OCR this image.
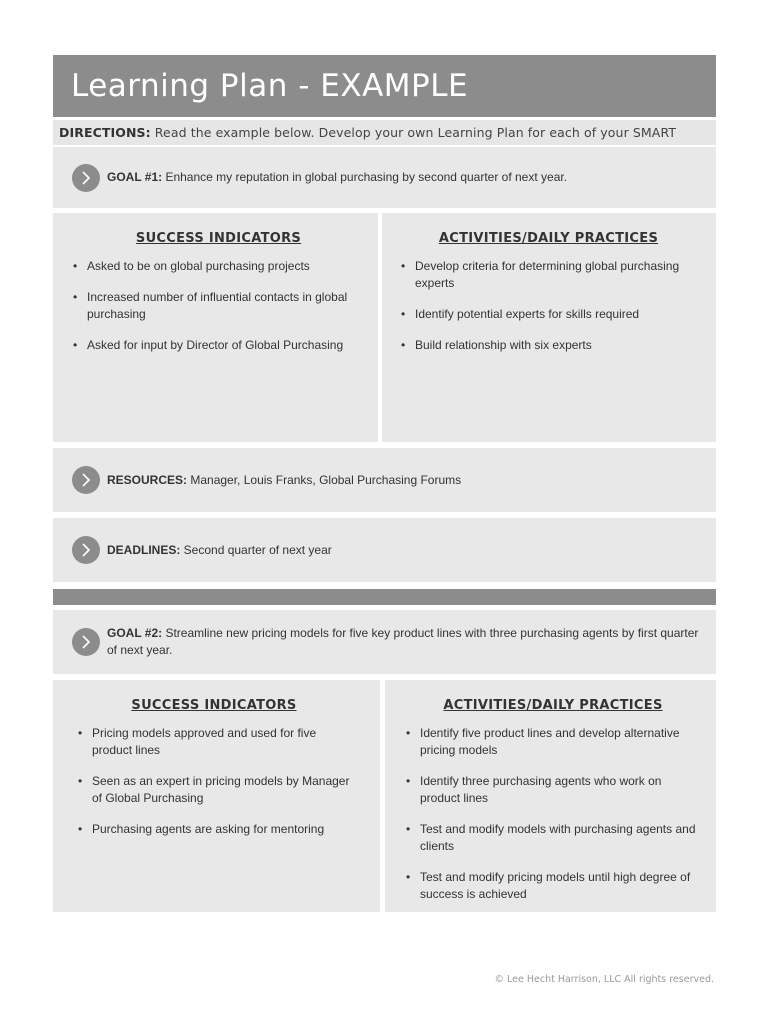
Learning Plan - EXAMPLE
DIRECTIONS: Read the example below. Develop your own Learning Plan for each of your SMART
GOAL #1: Enhance my reputation in global purchasing by second quarter of next year.
SUCCESS INDICATORS
• Asked to be on global purchasing projects
• Increased number of influential contacts in global purchasing
• Asked for input by Director of Global Purchasing
ACTIVITIES/DAILY PRACTICES
• Develop criteria for determining global purchasing experts
• Identify potential experts for skills required
• Build relationship with six experts
RESOURCES: Manager, Louis Franks, Global Purchasing Forums
DEADLINES: Second quarter of next year
GOAL #2: Streamline new pricing models for five key product lines with three purchasing agents by first quarter of next year.
SUCCESS INDICATORS
• Pricing models approved and used for five product lines
• Seen as an expert in pricing models by Manager of Global Purchasing
• Purchasing agents are asking for mentoring
ACTIVITIES/DAILY PRACTICES
• Identify five product lines and develop alternative pricing models
• Identify three purchasing agents who work on product lines
• Test and modify models with purchasing agents and clients
• Test and modify pricing models until high degree of success is achieved
© Lee Hecht Harrison, LLC All rights reserved.
